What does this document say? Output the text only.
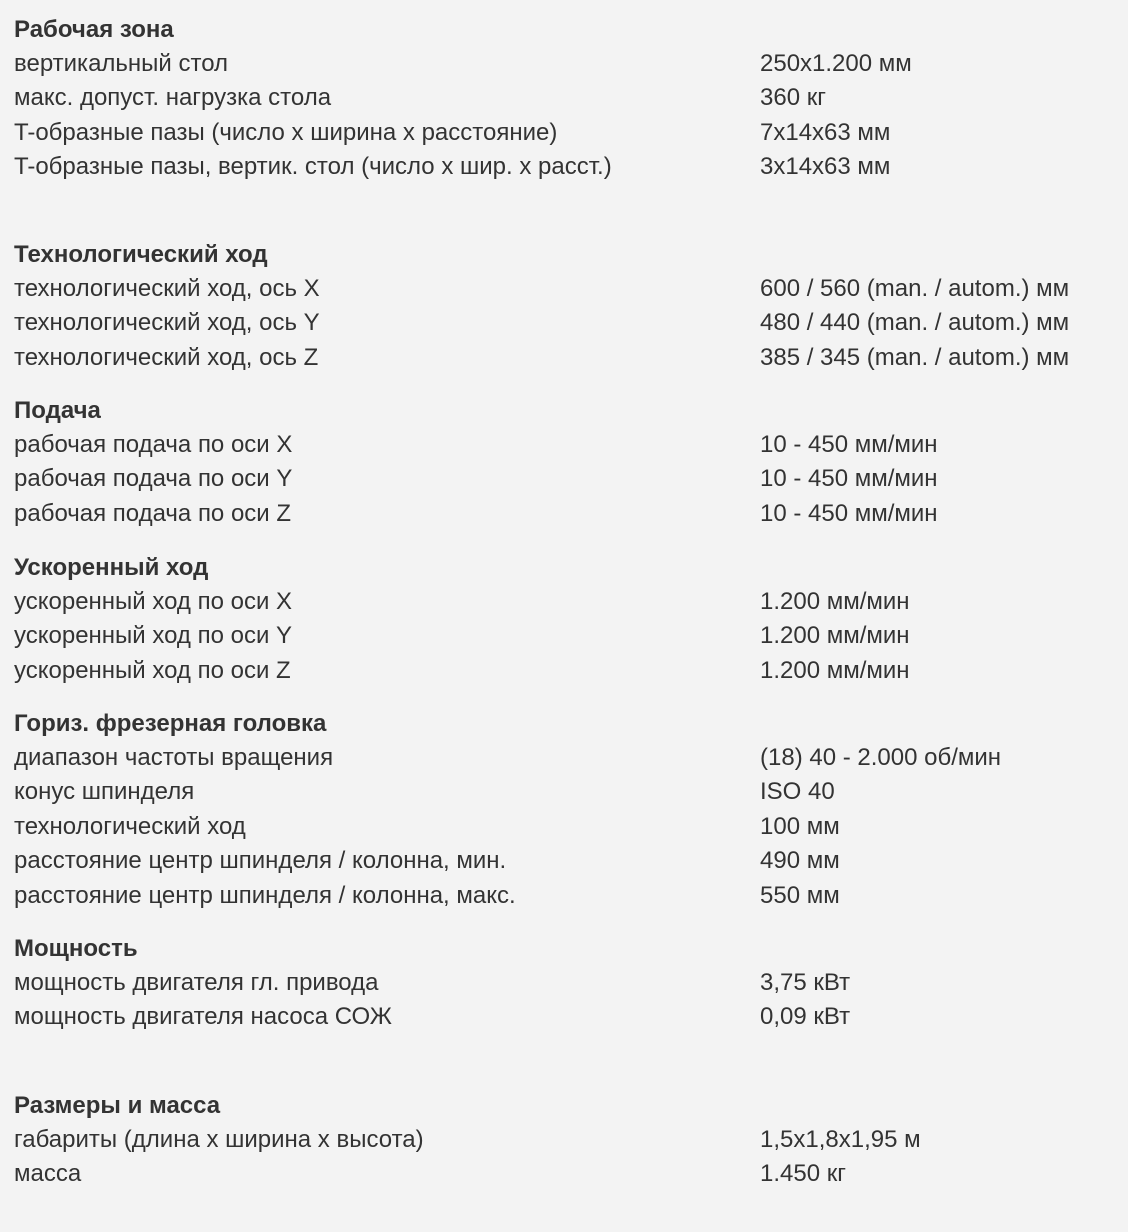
Рабочая зона
вертикальный стол	250x1.200 мм
макс. допуст. нагрузка стола	360 кг
T-образные пазы (число x ширина x расстояние)	7x14x63 мм
T-образные пазы, вертик. стол (число x шир. x расст.)	3x14x63 мм
Технологический ход
технологический ход, ось X	600 / 560 (man. / autom.) мм
технологический ход, ось Y	480 / 440 (man. / autom.) мм
технологический ход, ось Z	385 / 345 (man. / autom.) мм
Подача
рабочая подача по оси X	10 - 450 мм/мин
рабочая подача по оси Y	10 - 450 мм/мин
рабочая подача по оси Z	10 - 450 мм/мин
Ускоренный ход
ускоренный ход по оси X	1.200 мм/мин
ускоренный ход по оси Y	1.200 мм/мин
ускоренный ход по оси Z	1.200 мм/мин
Гориз. фрезерная головка
диапазон частоты вращения	(18) 40 - 2.000 об/мин
конус шпинделя	ISO 40
технологический ход	100 мм
расстояние центр шпинделя / колонна, мин.	490 мм
расстояние центр шпинделя / колонна, макс.	550 мм
Мощность
мощность двигателя гл. привода	3,75 кВт
мощность двигателя насоса СОЖ	0,09 кВт
Размеры и масса
габариты (длина x ширина x высота)	1,5x1,8x1,95 м
масса	1.450 кг
